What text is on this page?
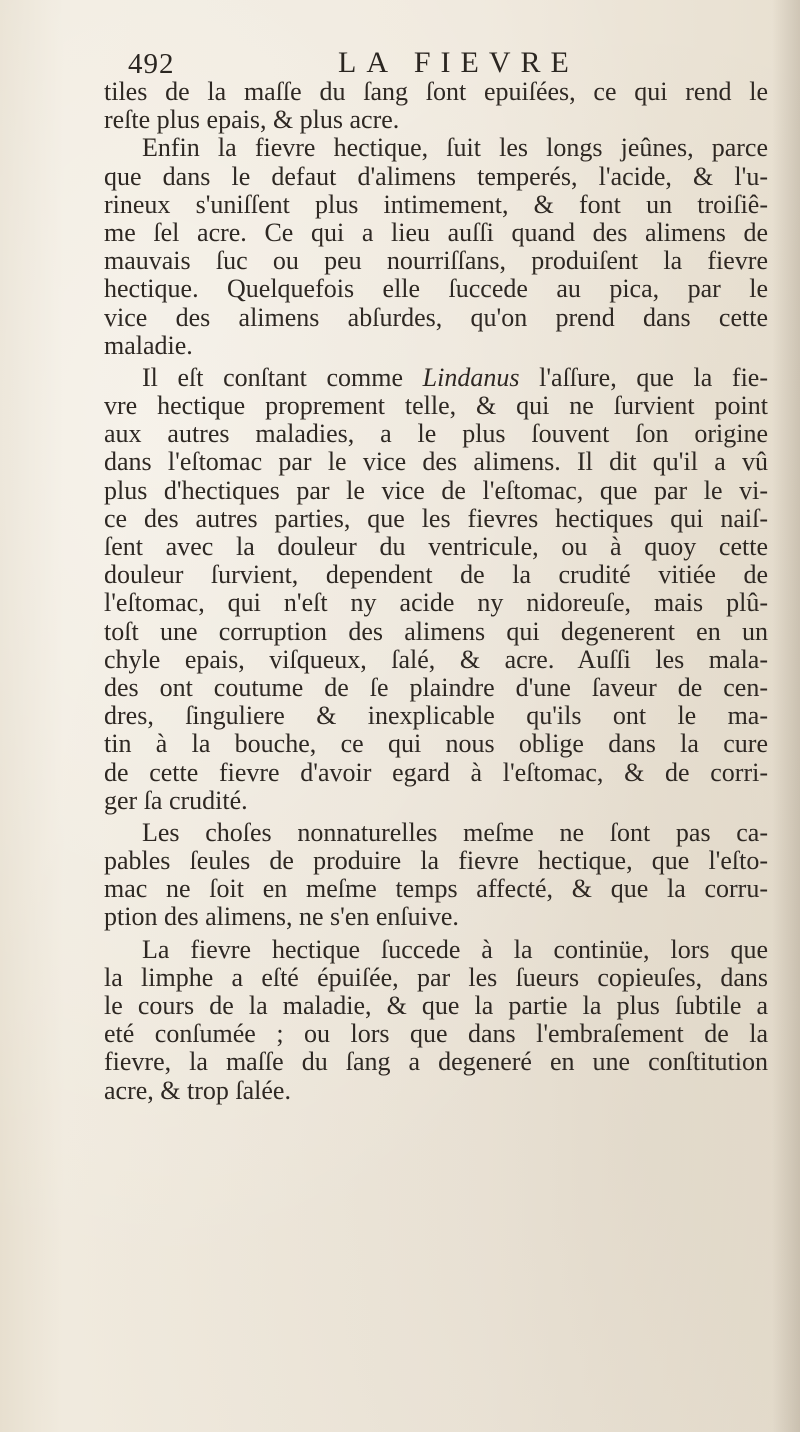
492	LA FIEVRE
tiles de la maſſe du ſang ſont epuiſées, ce qui rend le
reſte plus epais, & plus acre.
Enfin la fievre hectique, ſuit les longs jeûnes, parce
que dans le defaut d'alimens temperés, l'acide, & l'u-
rineux s'uniſſent plus intimement, & font un troiſiê-
me ſel acre. Ce qui a lieu auſſi quand des alimens de
mauvais ſuc ou peu nourriſſans, produiſent la fievre
hectique. Quelquefois elle ſuccede au pica, par le
vice des alimens abſurdes, qu'on prend dans cette
maladie.
Il eſt conſtant comme Lindanus l'aſſure, que la fie-
vre hectique proprement telle, & qui ne ſurvient point
aux autres maladies, a le plus ſouvent ſon origine
dans l'eſtomac par le vice des alimens. Il dit qu'il a vû
plus d'hectiques par le vice de l'eſtomac, que par le vi-
ce des autres parties, que les fievres hectiques qui naiſ-
ſent avec la douleur du ventricule, ou à quoy cette
douleur ſurvient, dependent de la crudité vitiée de
l'eſtomac, qui n'eſt ny acide ny nidoreuſe, mais plû-
toſt une corruption des alimens qui degenerent en un
chyle epais, viſqueux, ſalé, & acre. Auſſi les mala-
des ont coutume de ſe plaindre d'une ſaveur de cen-
dres, ſinguliere & inexplicable qu'ils ont le ma-
tin à la bouche, ce qui nous oblige dans la cure
de cette fievre d'avoir egard à l'eſtomac, & de corri-
ger ſa crudité.
Les choſes nonnaturelles meſme ne ſont pas ca-
pables ſeules de produire la fievre hectique, que l'eſto-
mac ne ſoit en meſme temps affecté, & que la corru-
ption des alimens, ne s'en enſuive.
La fievre hectique ſuccede à la continüe, lors que
la limphe a eſté épuiſée, par les ſueurs copieuſes, dans
le cours de la maladie, & que la partie la plus ſubtile a
eté conſumée ; ou lors que dans l'embraſement de la
fievre, la maſſe du ſang a degeneré en une conſtitution
acre, & trop ſalée.
